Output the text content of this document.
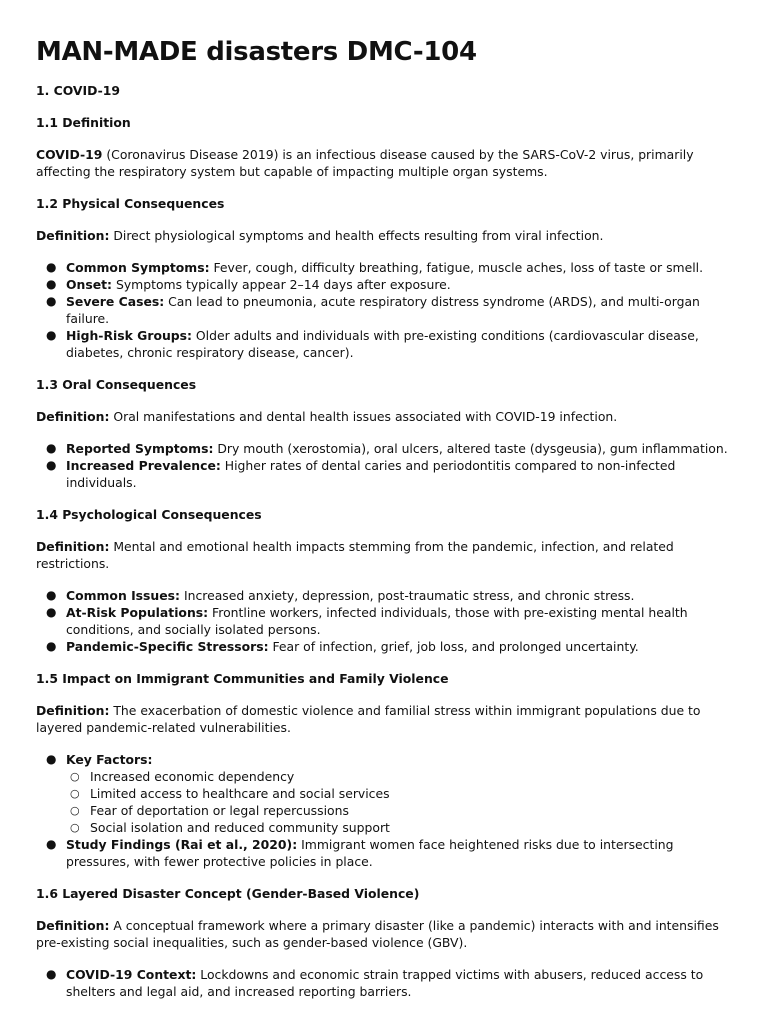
MAN-MADE disasters DMC-104
1. COVID-19
1.1 Definition

COVID-19 (Coronavirus Disease 2019) is an infectious disease caused by the SARS-CoV-2 virus, primarily affecting the respiratory system but capable of impacting multiple organ systems.

1.2 Physical Consequences

Definition: Direct physiological symptoms and health effects resulting from viral infection.

● Common Symptoms: Fever, cough, difficulty breathing, fatigue, muscle aches, loss of taste or smell.
● Onset: Symptoms typically appear 2–14 days after exposure.
● Severe Cases: Can lead to pneumonia, acute respiratory distress syndrome (ARDS), and multi-organ failure.
● High-Risk Groups: Older adults and individuals with pre-existing conditions (cardiovascular disease, diabetes, chronic respiratory disease, cancer).
1.3 Oral Consequences

Definition: Oral manifestations and dental health issues associated with COVID-19 infection.

● Reported Symptoms: Dry mouth (xerostomia), oral ulcers, altered taste (dysgeusia), gum inflammation.
● Increased Prevalence: Higher rates of dental caries and periodontitis compared to non-infected individuals.
1.4 Psychological Consequences

Definition: Mental and emotional health impacts stemming from the pandemic, infection, and related restrictions.

● Common Issues: Increased anxiety, depression, post-traumatic stress, and chronic stress.
● At-Risk Populations: Frontline workers, infected individuals, those with pre-existing mental health conditions, and socially isolated persons.
● Pandemic-Specific Stressors: Fear of infection, grief, job loss, and prolonged uncertainty.
1.5 Impact on Immigrant Communities and Family Violence

Definition: The exacerbation of domestic violence and familial stress within immigrant populations due to layered pandemic-related vulnerabilities.

● Key Factors:
○ Increased economic dependency
○ Limited access to healthcare and social services
○ Fear of deportation or legal repercussions
○ Social isolation and reduced community support
● Study Findings (Rai et al., 2020): Immigrant women face heightened risks due to intersecting pressures, with fewer protective policies in place.
1.6 Layered Disaster Concept (Gender-Based Violence)

Definition: A conceptual framework where a primary disaster (like a pandemic) interacts with and intensifies pre-existing social inequalities, such as gender-based violence (GBV).

● COVID-19 Context: Lockdowns and economic strain trapped victims with abusers, reduced access to shelters and legal aid, and increased reporting barriers.
